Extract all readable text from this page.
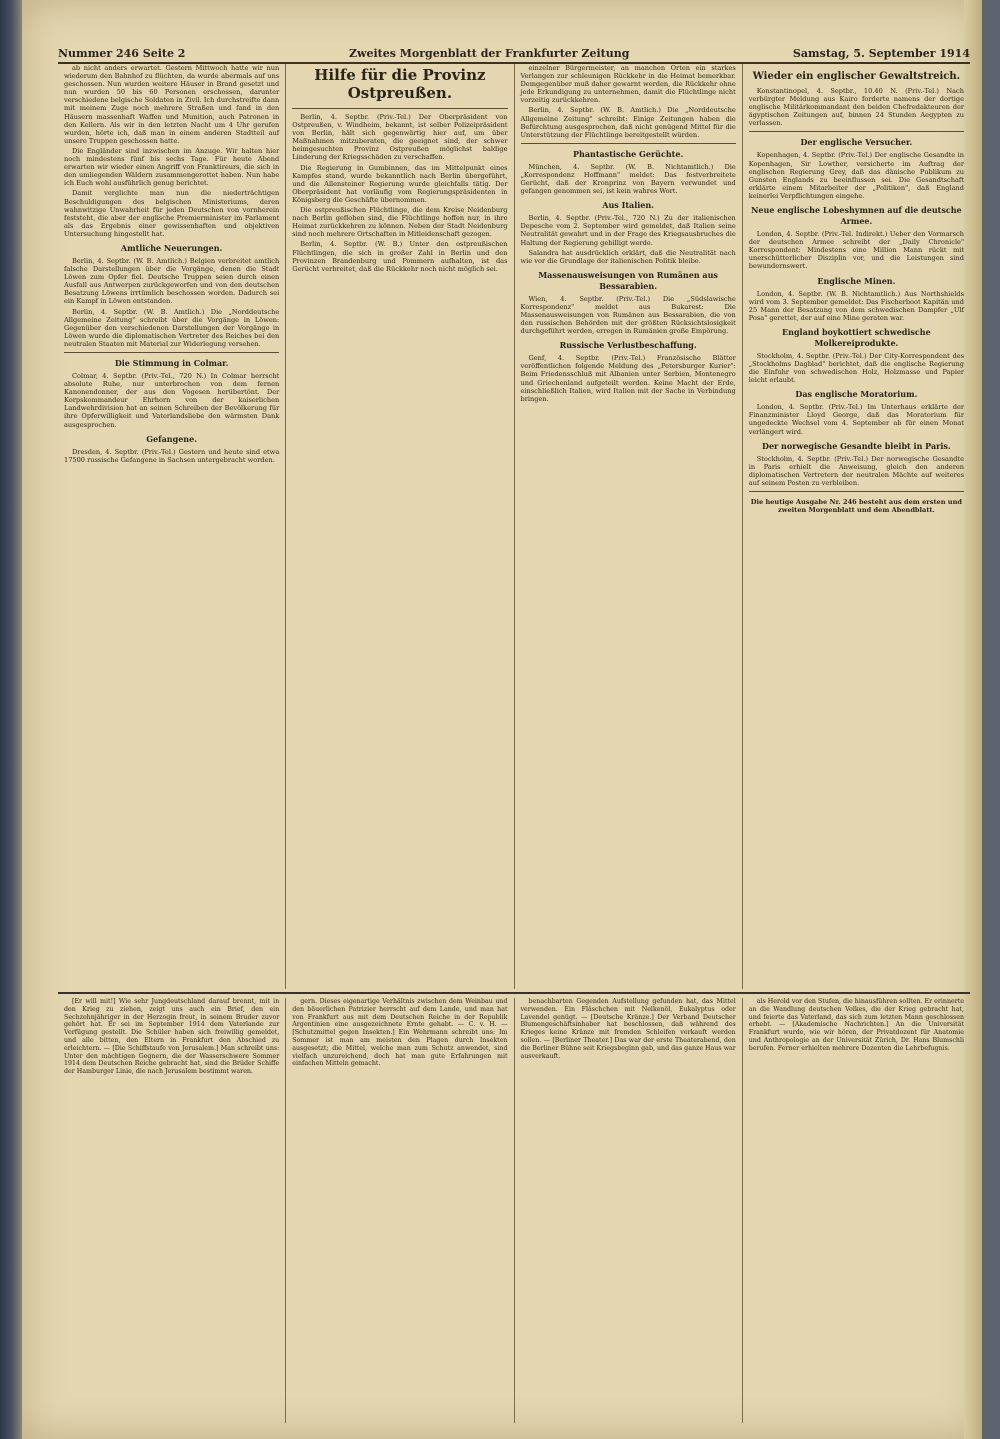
Nummer 246 Seite 2	Zweites Morgenblatt der Frankfurter Zeitung	Samstag, 5. September 1914

ab nicht anders erwartet. Gestern Mittwoch hatte wir nun wiederum den Bahnhof zu flüchten, da wurde abermals auf uns geschossen. Nun wurden weitere Häuser in Brand gesetzt und nun wurden 50 bis 60 Personen erschossen, darunter verschiedene belgische Soldaten in Zivil. Ich durchstreifte dann mit meinem Zuge noch mehrere Straßen und fand in den Häusern massenhaft Waffen und Munition, auch Patronen in den Kellern. Als wir in den letzten Nacht um 4 Uhr gerufen wurden, hörte ich, daß man in einem anderen Stadtteil auf unsere Truppen geschossen hatte.

Die Engländer sind inzwischen im Anzuge. Wir halten hier noch mindestens fünf bis sechs Tage. Für heute Abend erwarten wir wieder einen Angriff von Franktireurs, die sich in den umliegenden Wäldern zusammengerottet haben. Nun habe ich Euch wohl ausführlich genug berichtet.

Damit verglichte man nun die niederträchtigen Beschuldigungen des belgischen Ministeriums, deren wahnwitzige Unwahrheit für jeden Deutschen von vornherein feststeht, die aber der englische Premierminister im Parlament als das Ergebnis einer gewissenhaften und objektiven Untersuchung hingestellt hat.

Amtliche Neuerungen.

Berlin, 4. Septbr. (W. B. Amtlich.) Belgien verbreitet amtlich falsche Darstellungen über die Vorgänge, denen die Stadt Löwen zum Opfer fiel. Deutsche Truppen seien durch einen Ausfall aus Antwerpen zurückgeworfen und von den deutschen Besatzung Löwens irrtümlich beschossen worden. Dadurch sei ein Kampf in Löwen entstanden.

Berlin, 4. Septbr. (W. B. Amtlich.) Die „Norddeutsche Allgemeine Zeitung" schreibt über die Vorgänge in Löwen: Gegenüber den verschiedenen Darstellungen der Vorgänge in Löwen wurde die diplomatischen Vertreter des Reiches bei den neutralen Staaten mit Material zur Widerlegung versehen.

Die Stimmung in Colmar.

Colmar, 4. Septbr. (Priv.-Tel., 720 N.) In Colmar herrscht absolute Ruhe, nur unterbrochen von dem fernen Kanonendonner, der aus den Vogesen herübertönt. Der Korpskommandeur Ehrhorn von der kaiserlichen Landwehrdivision hat an seinen Schreiben der Bevölkerung für ihre Opferwilligkeit und Vaterlandsliebe den wärmsten Dank ausgesprochen.

Gefangene.

Dresden, 4. Septbr. (Priv.-Tel.) Gestern und heute sind etwa 17500 russische Gefangene in Sachsen untergebracht worden.

Hilfe für die Provinz Ostpreußen.

Berlin, 4. Septbr. (Priv.-Tel.) Der Oberpräsident von Ostpreußen, v. Windheim, bekannt, ist selber Polizeipräsident von Berlin, hält sich gegenwärtig hier auf, um über Maßnahmen mitzuberaten, die geeignet sind, der schwer heimgesuchten Provinz Ostpreußen möglichst baldige Linderung der Kriegsschäden zu verschaffen.

Die Regierung in Gumbinnen, das im Mittelpunkt eines Kampfes stand, wurde bekanntlich nach Berlin übergeführt, und die Allensteiner Regierung wurde gleichfalls tätig. Der Oberpräsident hat vorläufig vom Regierungspräsidenten in Königsberg die Geschäfte übernommen.

Die ostpreußischen Flüchtlinge, die dem Kreise Neidenburg nach Berlin geflohen sind, die Flüchtlinge hoffen nur, in ihre Heimat zurückkehren zu können. Neben der Stadt Neidenburg sind noch mehrere Ortschaften in Mitleidenschaft gezogen.

Berlin, 4. Septbr. (W. B.) Unter den ostpreußischen Flüchtlingen, die sich in großer Zahl in Berlin und den Provinzen Brandenburg und Pommern aufhalten, ist das Gerücht verbreitet, daß die Rückkehr noch nicht möglich sei.

einzelner Bürgermeister, an manchen Orten ein starkes Verlangen zur schleunigen Rückkehr in die Heimat bemerkbar. Demgegenüber muß daher gewarnt werden, die Rückkehr ohne jede Erkundigung zu unternehmen, damit die Flüchtlinge nicht vorzeitig zurückkehren.

Berlin, 4. Septbr. (W. B. Amtlich.) Die „Norddeutsche Allgemeine Zeitung" schreibt: Einige Zeitungen haben die Befürchtung ausgesprochen, daß nicht genügend Mittel für die Unterstützung der Flüchtlinge bereitgestellt würden.

Phantastische Gerüchte.

München, 4. Septbr. (W. B. Nichtamtlich.) Die „Korrespondenz Hoffmann" meldet: Das festverbreitete Gerücht, daß der Kronprinz von Bayern verwundet und gefangen genommen sei, ist kein wahres Wort.

Aus Italien.

Berlin, 4. Septbr. (Priv.-Tel., 720 N.) Zu der italienischen Depesche vom 2. September wird gemeldet, daß Italien seine Neutralität gewahrt und in der Frage des Kriegsausbruches die Haltung der Regierung gebilligt werde.

Salandra hat ausdrücklich erklärt, daß die Neutralität nach wie vor die Grundlage der italienischen Politik bleibe.

Massenausweisungen von Rumänen aus Bessarabien.

Wien, 4. Septbr. (Priv.-Tel.) Die „Südslawische Korrespondenz" meldet aus Bukarest: Die Massenausweisungen von Rumänen aus Bessarabien, die von den russischen Behörden mit der größten Rücksichtslosigkeit durchgeführt werden, erregen in Rumänien große Empörung.

Russische Verlustbeschaffung.

Genf, 4. Septbr. (Priv.-Tel.) Französische Blätter veröffentlichen folgende Meldung des „Petersburger Kurier": Beim Friedensschluß mit Albanien unter Serbien, Montenegro und Griechenland aufgeteilt werden. Keine Macht der Erde, einschließlich Italien, wird Italien mit der Sache in Verbindung bringen.

Wieder ein englischer Gewaltstreich.

Konstantinopel, 4. Septbr., 10.40 N. (Priv.-Tel.) Nach verbürgter Meldung aus Kairo forderte namens der dortige englische Militärkommandant den beiden Chefredakteuren der ägyptischen Zeitungen auf, binnen 24 Stunden Aegypten zu verlassen.

Der englische Versucher.

Kopenhagen, 4. Septbr. (Priv.-Tel.) Der englische Gesandte in Kopenhagen, Sir Lowther, versicherte im Auftrag der englischen Regierung Grey, daß das dänische Publikum zu Gunsten Englands zu beeinflussen sei. Die Gesandtschaft erklärte einem Mitarbeiter der „Politiken", daß England keinerlei Verpflichtungen eingehe.

Neue englische Lobeshymnen auf die deutsche Armee.

London, 4. Septbr. (Priv.-Tel. Indirekt.) Ueber den Vormarsch der deutschen Armee schreibt der „Daily Chronicle" Korrespondent: Mindestens eine Million Mann rückt mit unerschütterlicher Disziplin vor, und die Leistungen sind bewundernswert.

Englische Minen.

London, 4. Septbr. (W. B. Nichtamtlich.) Aus Northshields wird vom 3. September gemeldet: Das Fischerboot Kapitän und 25 Mann der Besatzung von dem schwedischen Dampfer „Ulf Posa" gerettet, der auf eine Mine geraten war.

England boykottiert schwedische Molkereiprodukte.

Stockholm, 4. Septbr. (Priv.-Tel.) Der City-Korrespondent des „Stockholms Dagblad" berichtet, daß die englische Regierung die Einfuhr von schwedischen Holz, Holzmasse und Papier leicht erlaubt.

Das englische Moratorium.

London, 4. Septbr. (Priv.-Tel.) Im Unterhaus erklärte der Finanzminister Lloyd George, daß das Moratorium für ungedeckte Wechsel vom 4. September ab für einen Monat verlängert wird.

Der norwegische Gesandte bleibt in Paris.

Stockholm, 4. Septbr. (Priv.-Tel.) Der norwegische Gesandte in Paris erhielt die Anweisung, gleich den anderen diplomatischen Vertretern der neutralen Mächte auf weiteres auf seinem Posten zu verbleiben.

Die heutige Ausgabe Nr. 246 besteht aus dem ersten und zweiten Morgenblatt und dem Abendblatt.

[Er will mit!] Wie sehr Jungdeutschland darauf brennt, mit in den Krieg zu ziehen, zeigt uns auch ein Brief, den ein Sechzehnjähriger in der Herzogin freut, in seinem Bruder zuvor gehört hat. Er sei im September 1914 dem Vaterlande zur Verfügung gestellt. Die Schüler haben sich freiwillig gemeldet, und alle bitten, den Eltern in Frankfurt den Abschied zu erleichtern. — [Die Schiffstaufe von Jerusalem.] Man schreibt uns: Unter den mächtigen Gegnern, die der Wasserschwere Sommer 1914 dem Deutschen Reiche gebracht hat, sind die Brüder Schiffe der Hamburger Linie, die nach Jerusalem bestimmt waren.

gern. Dieses eigenartige Verhältnis zwischen dem Weinbau und den bäuerlichen Patrizier herrscht auf dem Lande, und man hat von Frankfurt aus mit dem Deutschen Reiche in der Republik Argentinien eine ausgezeichnete Ernte gehabt. — C. v. H. — [Schutzmittel gegen Insekten.] Ein Wehrmann schreibt uns: Im Sommer ist man am meisten den Plagen durch Insekten ausgesetzt; die Mittel, welche man zum Schutz anwendet, sind vielfach unzureichend, doch hat man gute Erfahrungen mit einfachen Mitteln gemacht.

benachbarten Gegenden Aufstellung gefunden hat, das Mittel verwenden. Ein Fläschchen mit Nelkenöl, Eukalyptus oder Lavendel genügt. — [Deutsche Kränze.] Der Verband Deutscher Blumengeschäftsinhaber hat beschlossen, daß während des Krieges keine Kränze mit fremden Schleifen verkauft werden sollen. — [Berliner Theater.] Das war der erste Theaterabend, den die Berliner Bühne seit Kriegsbeginn gab, und das ganze Haus war ausverkauft.

als Herold vor den Stufen, die hinausführen sollten. Er erinnerte an die Wandlung deutschen Volkes, die der Krieg gebracht hat, und feierte das Vaterland, das sich zum letzten Mann geschlossen erhebt. — [Akademische Nachrichten.] An die Universität Frankfurt wurde, wie wir hören, der Privatdozent für Anatomie und Anthropologie an der Universität Zürich, Dr. Hans Blumschli berufen. Ferner erhielten mehrere Dozenten die Lehrbefugnis.
